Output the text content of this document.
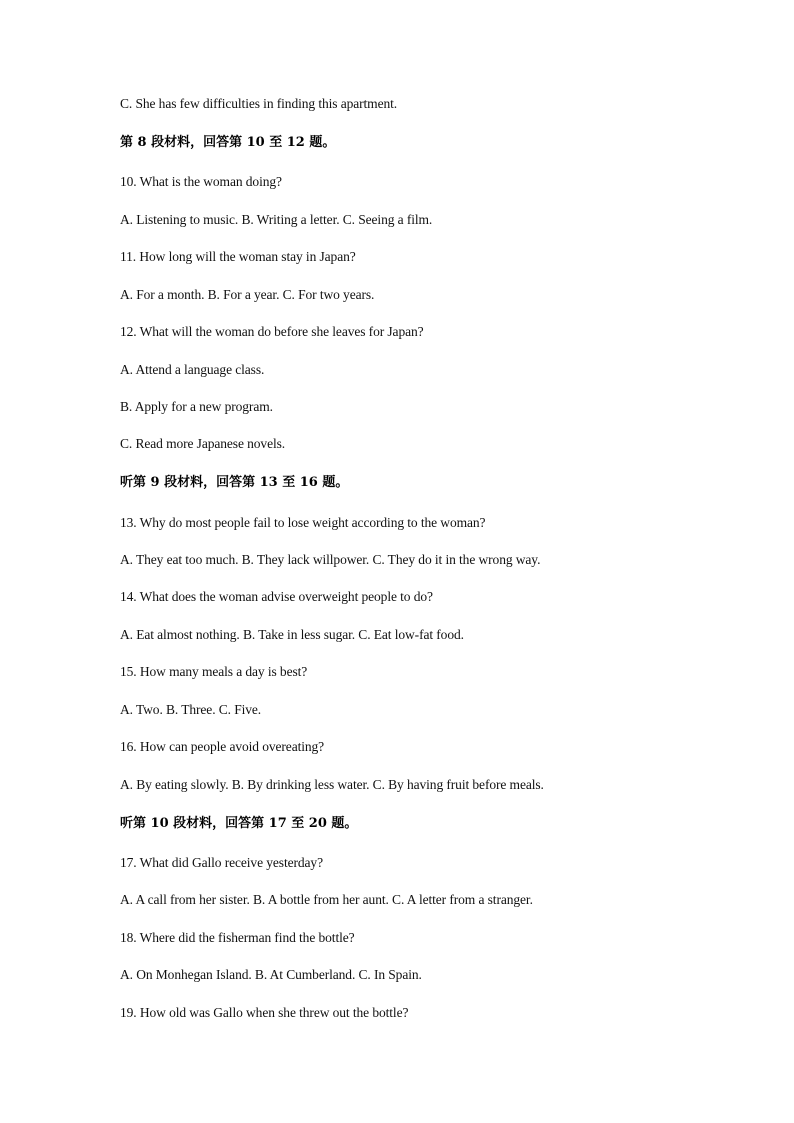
C. She has few difficulties in finding this apartment.
第 8 段材料，回答第 10 至 12 题。
10. What is the woman doing?
A. Listening to music. B. Writing a letter. C. Seeing a film.
11. How long will the woman stay in Japan?
A. For a month. B. For a year. C. For two years.
12. What will the woman do before she leaves for Japan?
A. Attend a language class.
B. Apply for a new program.
C. Read more Japanese novels.
听第 9 段材料，回答第 13 至 16 题。
13. Why do most people fail to lose weight according to the woman?
A. They eat too much. B. They lack willpower. C. They do it in the wrong way.
14. What does the woman advise overweight people to do?
A. Eat almost nothing. B. Take in less sugar. C. Eat low-fat food.
15. How many meals a day is best?
A. Two. B. Three. C. Five.
16. How can people avoid overeating?
A. By eating slowly. B. By drinking less water. C. By having fruit before meals.
听第 10 段材料，回答第 17 至 20 题。
17. What did Gallo receive yesterday?
A. A call from her sister. B. A bottle from her aunt. C. A letter from a stranger.
18. Where did the fisherman find the bottle?
A. On Monhegan Island. B. At Cumberland. C. In Spain.
19. How old was Gallo when she threw out the bottle?
